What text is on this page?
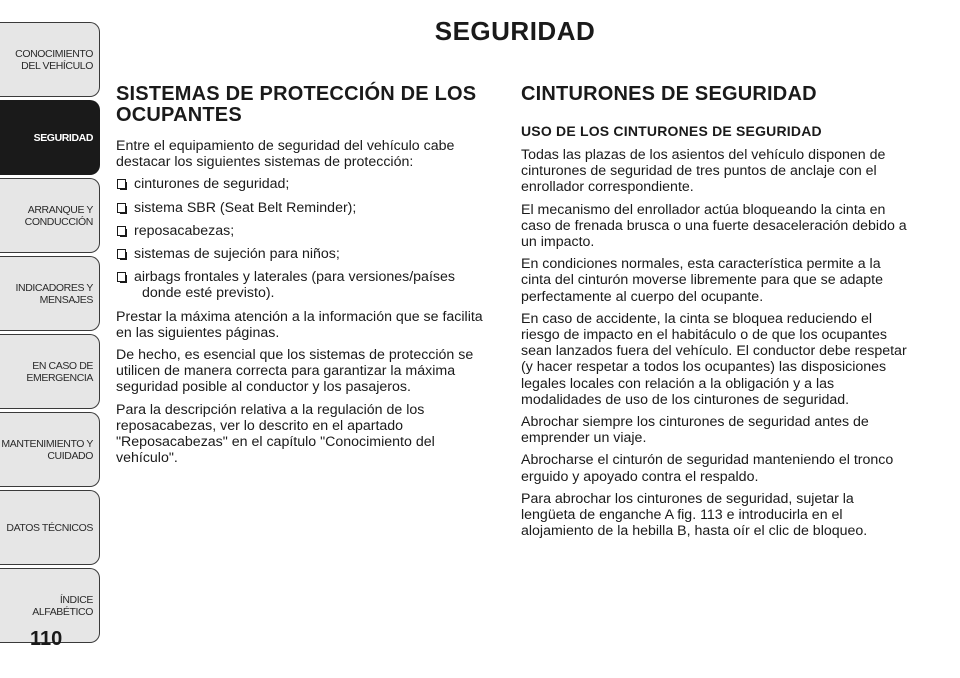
CONOCIMIENTO
DEL VEHÍCULO
SEGURIDAD
ARRANQUE Y
CONDUCCIÓN
INDICADORES Y
MENSAJES
EN CASO DE
EMERGENCIA
MANTENIMIENTO Y
CUIDADO
DATOS TÉCNICOS
ÍNDICE ALFABÉTICO
110
SEGURIDAD
SISTEMAS DE PROTECCIÓN DE LOS OCUPANTES

Entre el equipamiento de seguridad del vehículo cabe destacar los siguientes sistemas de protección:

cinturones de seguridad;
sistema SBR (Seat Belt Reminder);
reposacabezas;
sistemas de sujeción para niños;
airbags frontales y laterales (para versiones/países
donde esté previsto).

Prestar la máxima atención a la información que se facilita en las siguientes páginas.

De hecho, es esencial que los sistemas de protección se utilicen de manera correcta para garantizar la máxima seguridad posible al conductor y los pasajeros.

Para la descripción relativa a la regulación de los reposacabezas, ver lo descrito en el apartado "Reposacabezas" en el capítulo "Conocimiento del vehículo".

CINTURONES DE SEGURIDAD
USO DE LOS CINTURONES DE SEGURIDAD

Todas las plazas de los asientos del vehículo disponen de cinturones de seguridad de tres puntos de anclaje con el enrollador correspondiente.

El mecanismo del enrollador actúa bloqueando la cinta en caso de frenada brusca o una fuerte desaceleración debido a un impacto.

En condiciones normales, esta característica permite a la cinta del cinturón moverse libremente para que se adapte perfectamente al cuerpo del ocupante.

En caso de accidente, la cinta se bloquea reduciendo el riesgo de impacto en el habitáculo o de que los ocupantes sean lanzados fuera del vehículo. El conductor debe respetar (y hacer respetar a todos los ocupantes) las disposiciones legales locales con relación a la obligación y a las modalidades de uso de los cinturones de seguridad.

Abrochar siempre los cinturones de seguridad antes de emprender un viaje.

Abrocharse el cinturón de seguridad manteniendo el tronco erguido y apoyado contra el respaldo.

Para abrochar los cinturones de seguridad, sujetar la lengüeta de enganche A fig. 113 e introducirla en el alojamiento de la hebilla B, hasta oír el clic de bloqueo.
